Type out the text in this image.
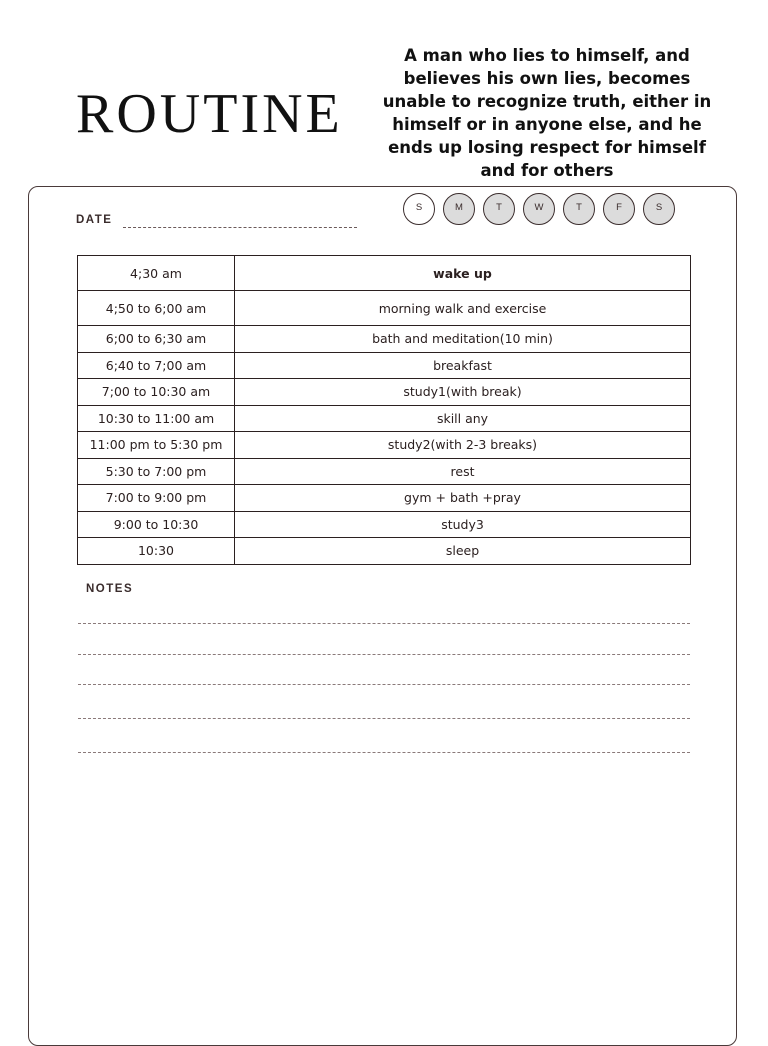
ROUTINE
A man who lies to himself, and believes his own lies, becomes unable to recognize truth, either in himself or in anyone else, and he ends up losing respect for himself and for others
DATE
S	M	T	W	T	F	S
4;30 am	wake up
4;50 to 6;00 am	morning walk and exercise
6;00 to 6;30 am	bath and meditation(10 min)
6;40 to 7;00 am	breakfast
7;00 to 10:30 am	study1(with break)
10:30 to 11:00 am	skill any
11:00 pm to 5:30 pm	study2(with 2-3 breaks)
5:30 to 7:00 pm	rest
7:00 to 9:00 pm	gym + bath +pray
9:00 to 10:30	study3
10:30	sleep
NOTES
